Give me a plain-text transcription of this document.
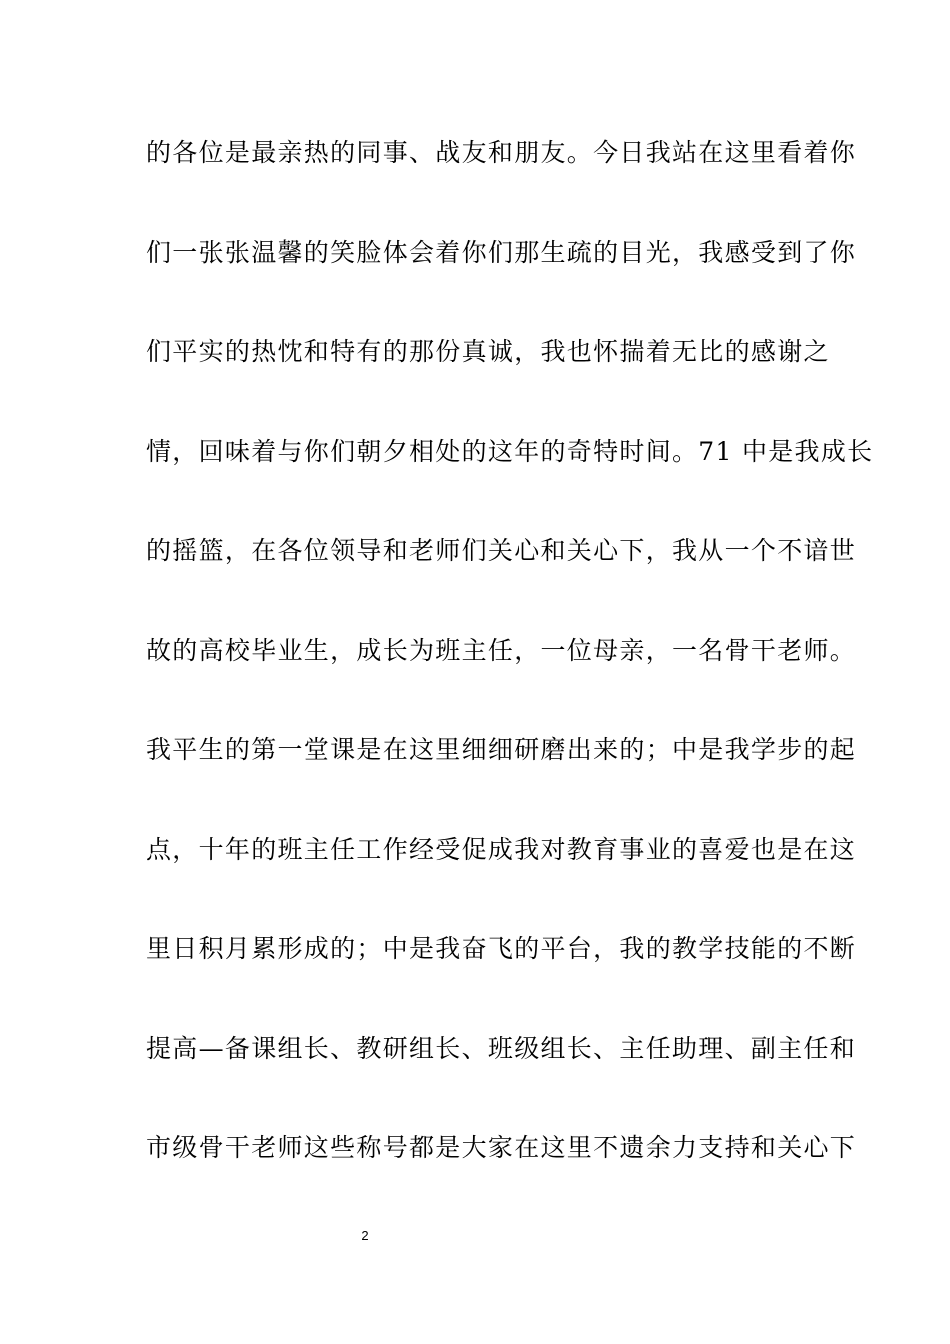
的各位是最亲热的同事、战友和朋友。今日我站在这里看着你
们一张张温馨的笑脸体会着你们那生疏的目光，我感受到了你
们平实的热忱和特有的那份真诚，我也怀揣着无比的感谢之
情，回味着与你们朝夕相处的这年的奇特时间。71 中是我成长
的摇篮，在各位领导和老师们关心和关心下，我从一个不谙世
故的高校毕业生，成长为班主任，一位母亲，一名骨干老师。
我平生的第一堂课是在这里细细研磨出来的；中是我学步的起
点，十年的班主任工作经受促成我对教育事业的喜爱也是在这
里日积月累形成的；中是我奋飞的平台，我的教学技能的不断
提高—备课组长、教研组长、班级组长、主任助理、副主任和
市级骨干老师这些称号都是大家在这里不遗余力支持和关心下
2
